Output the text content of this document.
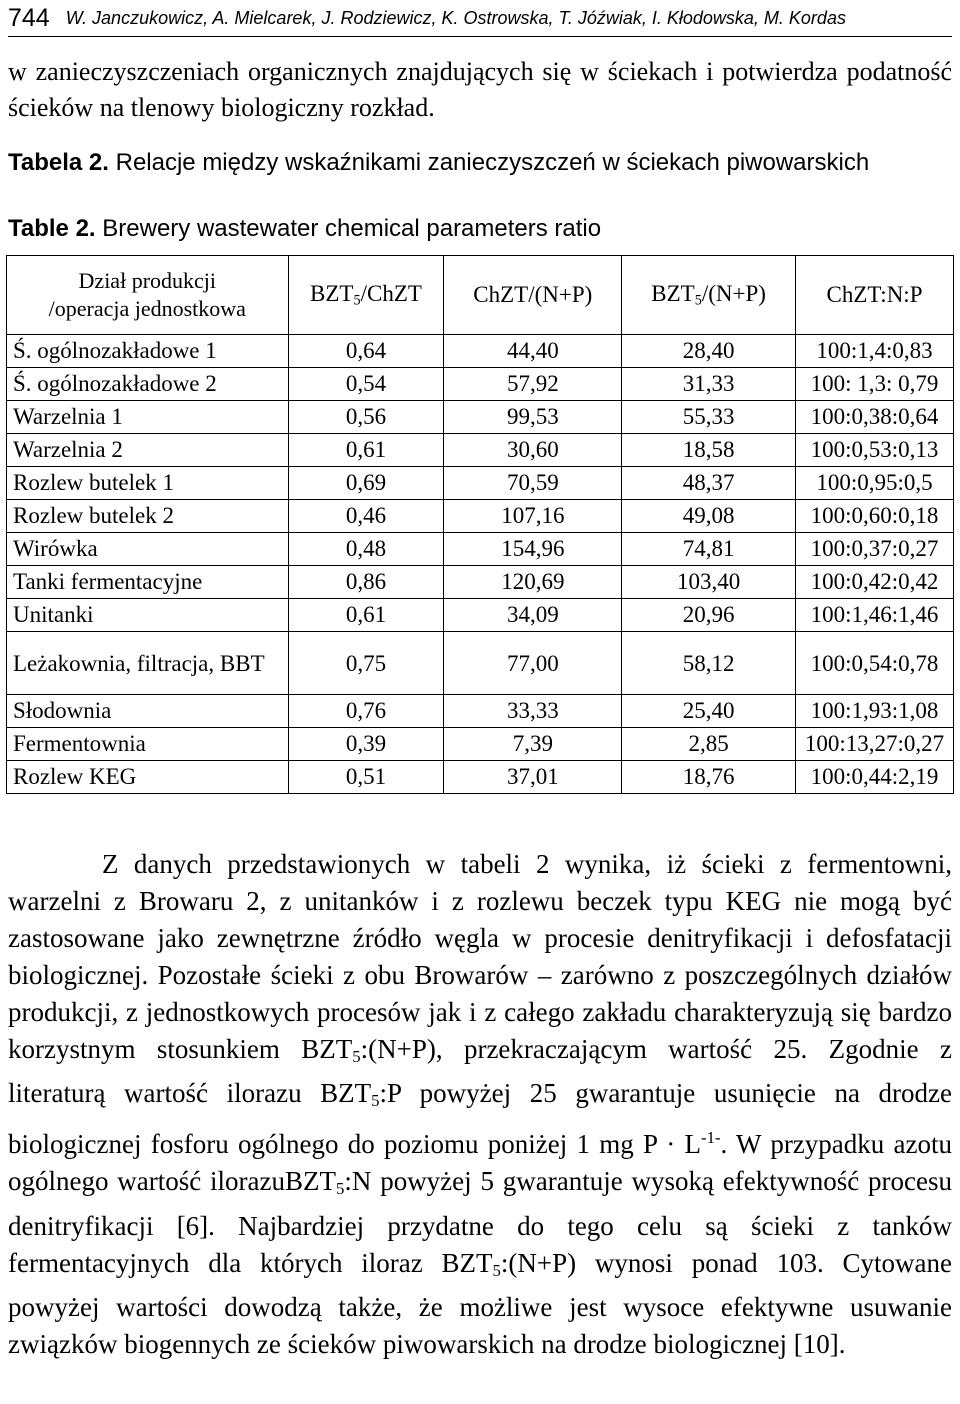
744 W. Janczukowicz, A. Mielcarek, J. Rodziewicz, K. Ostrowska, T. Jóźwiak, I. Kłodowska, M. Kordas
w zanieczyszczeniach organicznych znajdujących się w ściekach i potwierdza podatność ścieków na tlenowy biologiczny rozkład.
Tabela 2. Relacje między wskaźnikami zanieczyszczeń w ściekach piwowarskich
Table 2. Brewery wastewater chemical parameters ratio
Dział produkcji
/operacja jednostkowa	$BZT_5$/ChZT	ChZT/(N+P)	$BZT_5/(N+P)$	ChZT:N:P
Ś. ogólnozakładowe 1	0,64	44,40	28,40	100:1,4:0,83
Ś. ogólnozakładowe 2	0,54	57,92	31,33	100: 1,3: 0,79
Warzelnia 1	0,56	99,53	55,33	100:0,38:0,64
Warzelnia 2	0,61	30,60	18,58	100:0,53:0,13
Rozlew butelek 1	0,69	70,59	48,37	100:0,95:0,5
Rozlew butelek 2	0,46	107,16	49,08	100:0,60:0,18
Wirówka	0,48	154,96	74,81	100:0,37:0,27
Tanki fermentacyjne	0,86	120,69	103,40	100:0,42:0,42
Unitanki	0,61	34,09	20,96	100:1,46:1,46
Leżakownia, filtracja, BBT	0,75	77,00	58,12	100:0,54:0,78
Słodownia	0,76	33,33	25,40	100:1,93:1,08
Fermentownia	0,39	7,39	2,85	100:13,27:0,27
Rozlew KEG	0,51	37,01	18,76	100:0,44:2,19

Z danych przedstawionych w tabeli 2 wynika, iż ścieki z fermentowni, warzelni z Browaru 2, z unitanków i z rozlewu beczek typu KEG nie mogą być zastosowane jako zewnętrzne źródło węgla w procesie denitryfikacji i defosfatacji biologicznej. Pozostałe ścieki z obu Browarów – zarówno z poszczególnych działów produkcji, z jednostkowych procesów jak i z całego zakładu charakteryzują się bardzo korzystnym stosunkiem $BZT_5:(N+P)$, przekraczającym wartość 25. Zgodnie z literaturą wartość ilorazu $BZT_5:P$ powyżej 25 gwarantuje usunięcie na drodze biologicznej fosforu ogólnego do poziomu poniżej 1 mg $P \cdot L^{-1-}$. W przypadku azotu ogólnego wartość ilorazuBZT$_5$:N powyżej 5 gwarantuje wysoką efektywność procesu denitryfikacji [6]. Najbardziej przydatne do tego celu są ścieki z tanków fermentacyjnych dla których iloraz $BZT_5:(N+P)$ wynosi ponad 103. Cytowane powyżej wartości dowodzą także, że możliwe jest wysoce efektywne usuwanie związków biogennych ze ścieków piwowarskich na drodze biologicznej [10].
